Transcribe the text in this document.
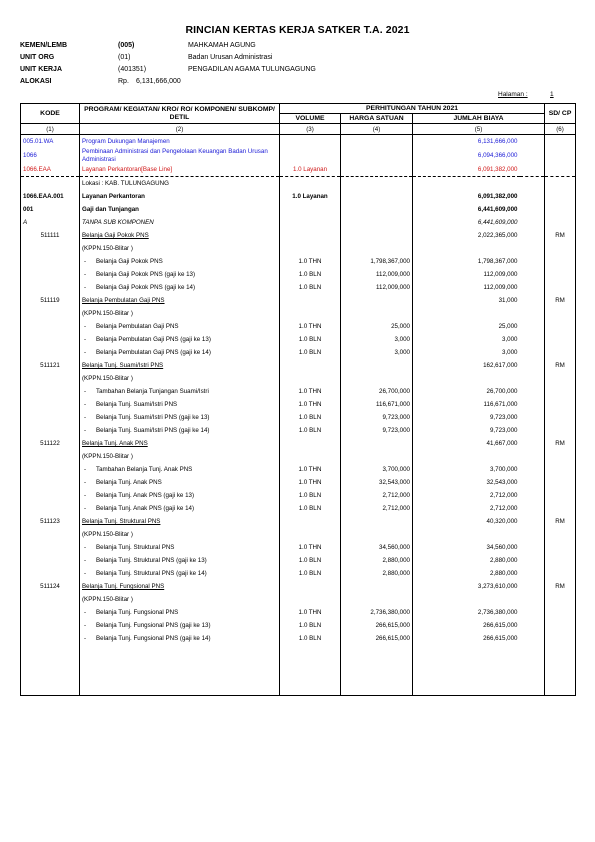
RINCIAN KERTAS KERJA SATKER T.A. 2021
KEMEN/LEMB	(005)	MAHKAMAH AGUNG
UNIT ORG	(01)	Badan Urusan Administrasi
UNIT KERJA	(401351)	PENGADILAN AGAMA TULUNGAGUNG
ALOKASI	Rp.	6,131,666,000
Halaman :	1
KODE	PROGRAM/ KEGIATAN/ KRO/ RO/ KOMPONEN/ SUBKOMP/ DETIL	PERHITUNGAN TAHUN 2021				SD/ CP
		VOLUME	HARGA SATUAN	JUMLAH BIAYA		
(1)	(2)	(3)	(4)	(5)		(6)
005.01.WA	Program Dukungan Manajemen			6,131,666,000		
1066	Pembinaan Administrasi dan Pengelolaan Keuangan Badan Urusan Administrasi			6,094,366,000		
1066.EAA	Layanan Perkantoran[Base Line]	1.0 Layanan		6,091,382,000		
	Lokasi : KAB. TULUNGAGUNG					
1066.EAA.001	Layanan Perkantoran	1.0 Layanan		6,091,382,000		
001	Gaji dan Tunjangan			6,441,609,000		
A	TANPA SUB KOMPONEN			6,441,609,000		
511111	Belanja Gaji Pokok PNS			2,022,365,000		RM
	(KPPN.150-Blitar )					
	- Belanja Gaji Pokok PNS	1.0 THN	1,798,367,000	1,798,367,000		
	- Belanja Gaji Pokok PNS (gaji ke 13)	1.0 BLN	112,009,000	112,009,000		
	- Belanja Gaji Pokok PNS (gaji ke 14)	1.0 BLN	112,009,000	112,009,000		
511119	Belanja Pembulatan Gaji PNS			31,000		RM
	(KPPN.150-Blitar )					
	- Belanja Pembulatan Gaji PNS	1.0 THN	25,000	25,000		
	- Belanja Pembulatan Gaji PNS (gaji ke 13)	1.0 BLN	3,000	3,000		
	- Belanja Pembulatan Gaji PNS (gaji ke 14)	1.0 BLN	3,000	3,000		
511121	Belanja Tunj. Suami/Istri PNS			162,617,000		RM
	(KPPN.150-Blitar )					
	- Tambahan Belanja Tunjangan Suami/Istri	1.0 THN	26,700,000	26,700,000		
	- Belanja Tunj. Suami/Istri PNS	1.0 THN	116,671,000	116,671,000		
	- Belanja Tunj. Suami/Istri PNS (gaji ke 13)	1.0 BLN	9,723,000	9,723,000		
	- Belanja Tunj. Suami/Istri PNS (gaji ke 14)	1.0 BLN	9,723,000	9,723,000		
511122	Belanja Tunj. Anak PNS			41,667,000		RM
	(KPPN.150-Blitar )					
	- Tambahan Belanja Tunj. Anak PNS	1.0 THN	3,700,000	3,700,000		
	- Belanja Tunj. Anak PNS	1.0 THN	32,543,000	32,543,000		
	- Belanja Tunj. Anak PNS (gaji ke 13)	1.0 BLN	2,712,000	2,712,000		
	- Belanja Tunj. Anak PNS (gaji ke 14)	1.0 BLN	2,712,000	2,712,000		
511123	Belanja Tunj. Struktural PNS			40,320,000		RM
	(KPPN.150-Blitar )					
	- Belanja Tunj. Struktural PNS	1.0 THN	34,560,000	34,560,000		
	- Belanja Tunj. Struktural PNS (gaji ke 13)	1.0 BLN	2,880,000	2,880,000		
	- Belanja Tunj. Struktural PNS (gaji ke 14)	1.0 BLN	2,880,000	2,880,000		
511124	Belanja Tunj. Fungsional PNS			3,273,610,000		RM
	(KPPN.150-Blitar )					
	- Belanja Tunj. Fungsional PNS	1.0 THN	2,736,380,000	2,736,380,000		
	- Belanja Tunj. Fungsional PNS (gaji ke 13)	1.0 BLN	266,615,000	266,615,000		
	- Belanja Tunj. Fungsional PNS (gaji ke 14)	1.0 BLN	266,615,000	266,615,000		
